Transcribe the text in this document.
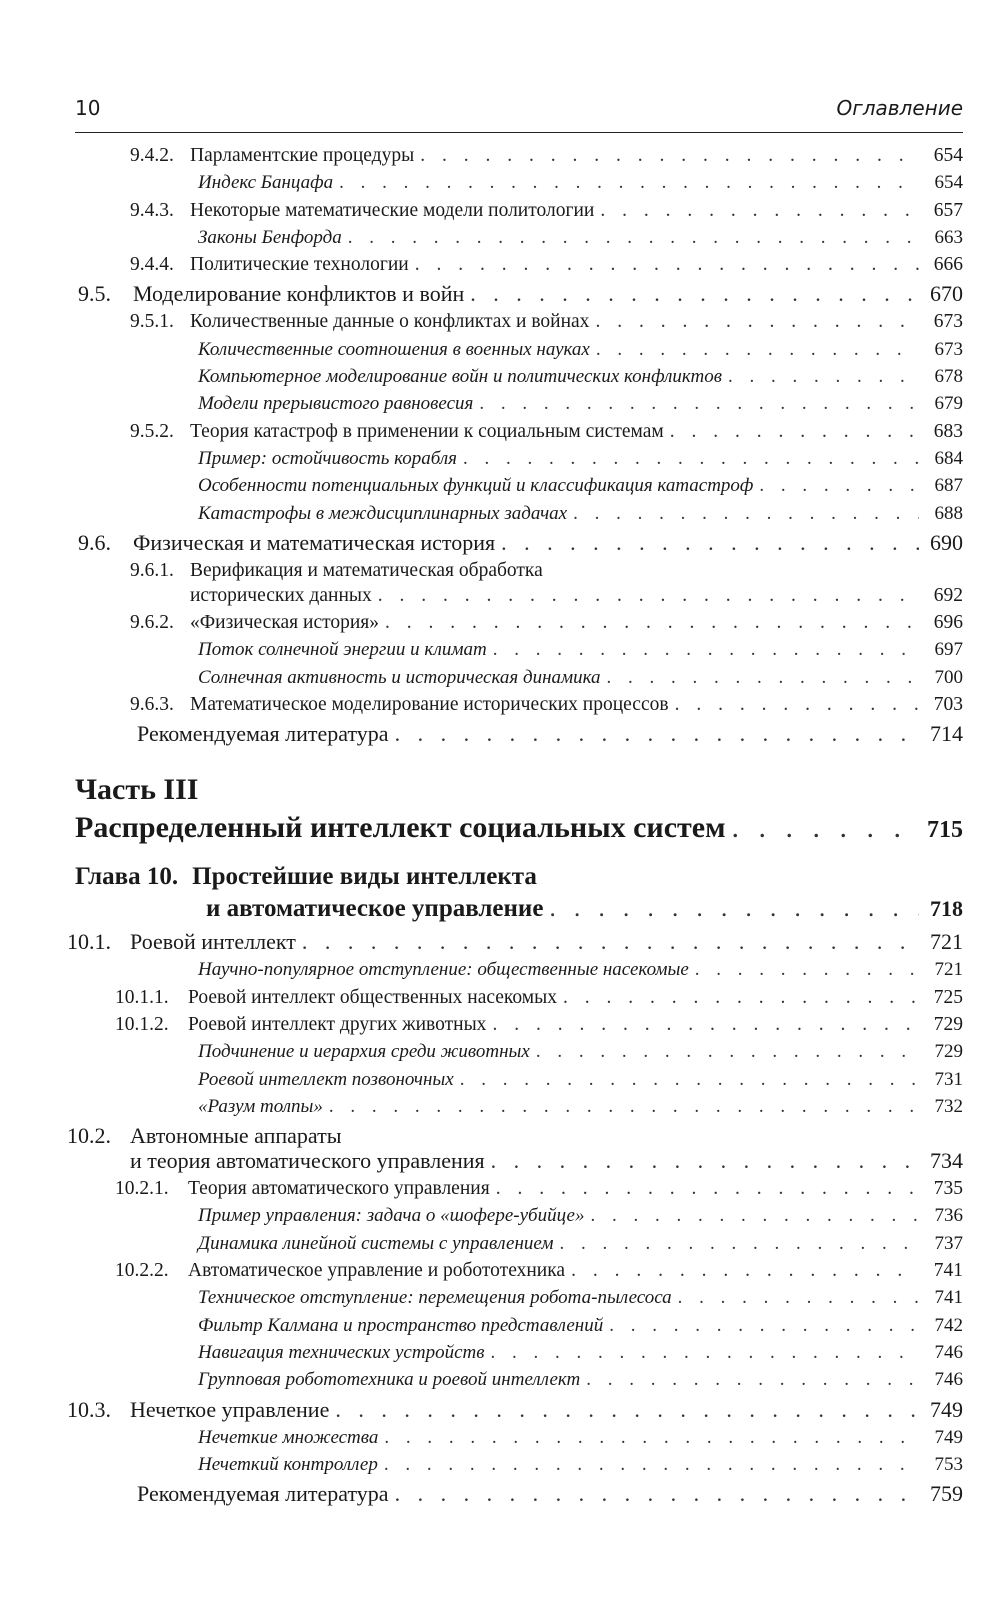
10	Оглавление
9.4.2. Парламентские процедуры . . .	654
Индекс Банцафа . . .	654
9.4.3. Некоторые математические модели политологии . . .	657
Законы Бенфорда . . .	663
9.4.4. Политические технологии . . .	666
9.5. Моделирование конфликтов и войн . . .	670
9.5.1. Количественные данные о конфликтах и войнах . . .	673
Количественные соотношения в военных науках . . .	673
Компьютерное моделирование войн и политических конфликтов . . .	678
Модели прерывистого равновесия . . .	679
9.5.2. Теория катастроф в применении к социальным системам . . .	683
Пример: остойчивость корабля . . .	684
Особенности потенциальных функций и классификация катастроф . . .	687
Катастрофы в междисциплинарных задачах . . .	688
9.6. Физическая и математическая история . . .	690
9.6.1. Верификация и математическая обработка
исторических данных . . .	692
9.6.2. «Физическая история» . . .	696
Поток солнечной энергии и климат . . .	697
Солнечная активность и историческая динамика . . .	700
9.6.3. Математическое моделирование исторических процессов . . .	703
Рекомендуемая литература . . .	714
Часть III
Распределенный интеллект социальных систем . . .	715
Глава 10. Простейшие виды интеллекта
и автоматическое управление . . .	718
10.1. Роевой интеллект . . .	721
Научно-популярное отступление: общественные насекомые . . .	721
10.1.1. Роевой интеллект общественных насекомых . . .	725
10.1.2. Роевой интеллект других животных . . .	729
Подчинение и иерархия среди животных . . .	729
Роевой интеллект позвоночных . . .	731
«Разум толпы» . . .	732
10.2. Автономные аппараты
и теория автоматического управления . . .	734
10.2.1. Теория автоматического управления . . .	735
Пример управления: задача о «шофере-убийце» . . .	736
Динамика линейной системы с управлением . . .	737
10.2.2. Автоматическое управление и робототехника . . .	741
Техническое отступление: перемещения робота-пылесоса . . .	741
Фильтр Калмана и пространство представлений . . .	742
Навигация технических устройств . . .	746
Групповая робототехника и роевой интеллект . . .	746
10.3. Нечеткое управление . . .	749
Нечеткие множества . . .	749
Нечеткий контроллер . . .	753
Рекомендуемая литература . . .	759
